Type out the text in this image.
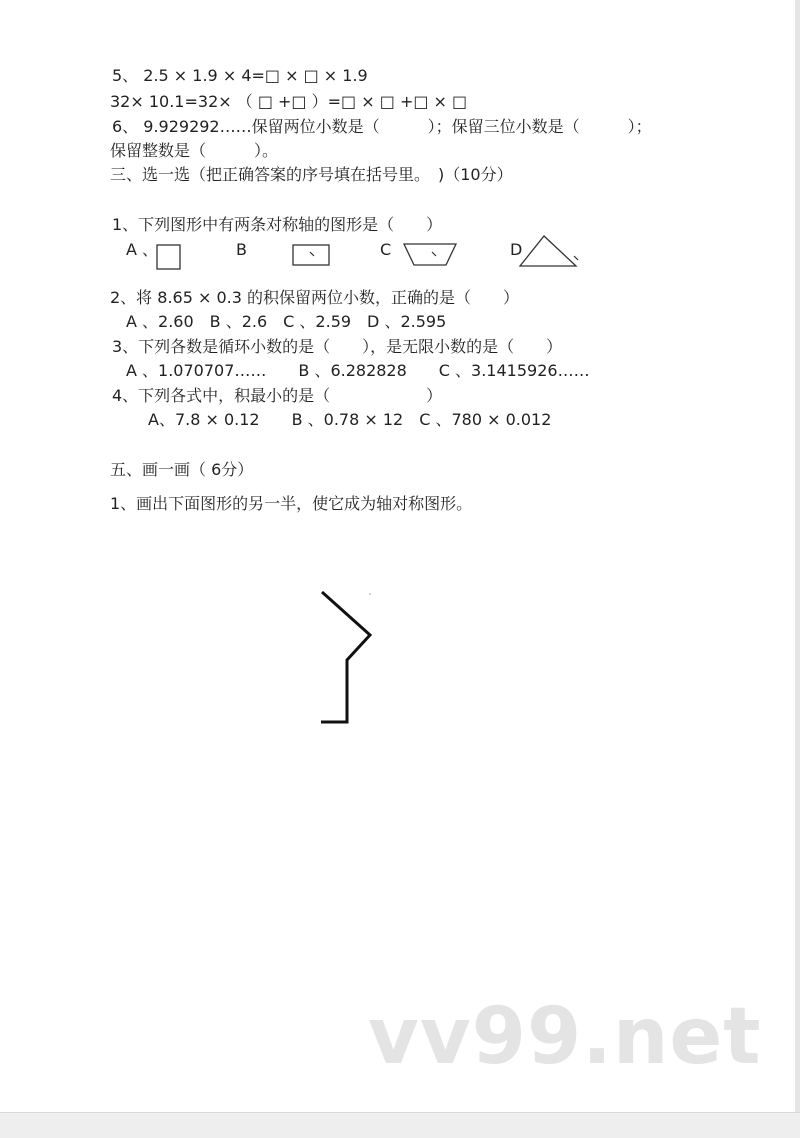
5、 2.5 × 1.9 × 4=□ × □ × 1.9
32× 10.1=32× （ □ +□ ）=□ × □ +□ × □
6、 9.929292……保留两位小数是（　　　）；保留三位小数是（　　　）；
保留整数是（　　　）。
三、选一选（把正确答案的序号填在括号里。　)（10分）
1、下列图形中有两条对称轴的图形是（　　）
A 、	B	C	D
2、将 8.65 × 0.3 的积保留两位小数，正确的是（　　）
A 、2.60　B 、2.6　C 、2.59　D 、2.595
3、下列各数是循环小数的是（　　），是无限小数的是（　　）
A 、1.070707……　　B 、6.282828　　C 、3.1415926……
4、下列各式中，积最小的是（　　　　　　）
A、7.8 × 0.12　　B 、0.78 × 12　C 、780 × 0.012
五、画一画（ 6分）
1、画出下面图形的另一半，使它成为轴对称图形。
vv99.net
